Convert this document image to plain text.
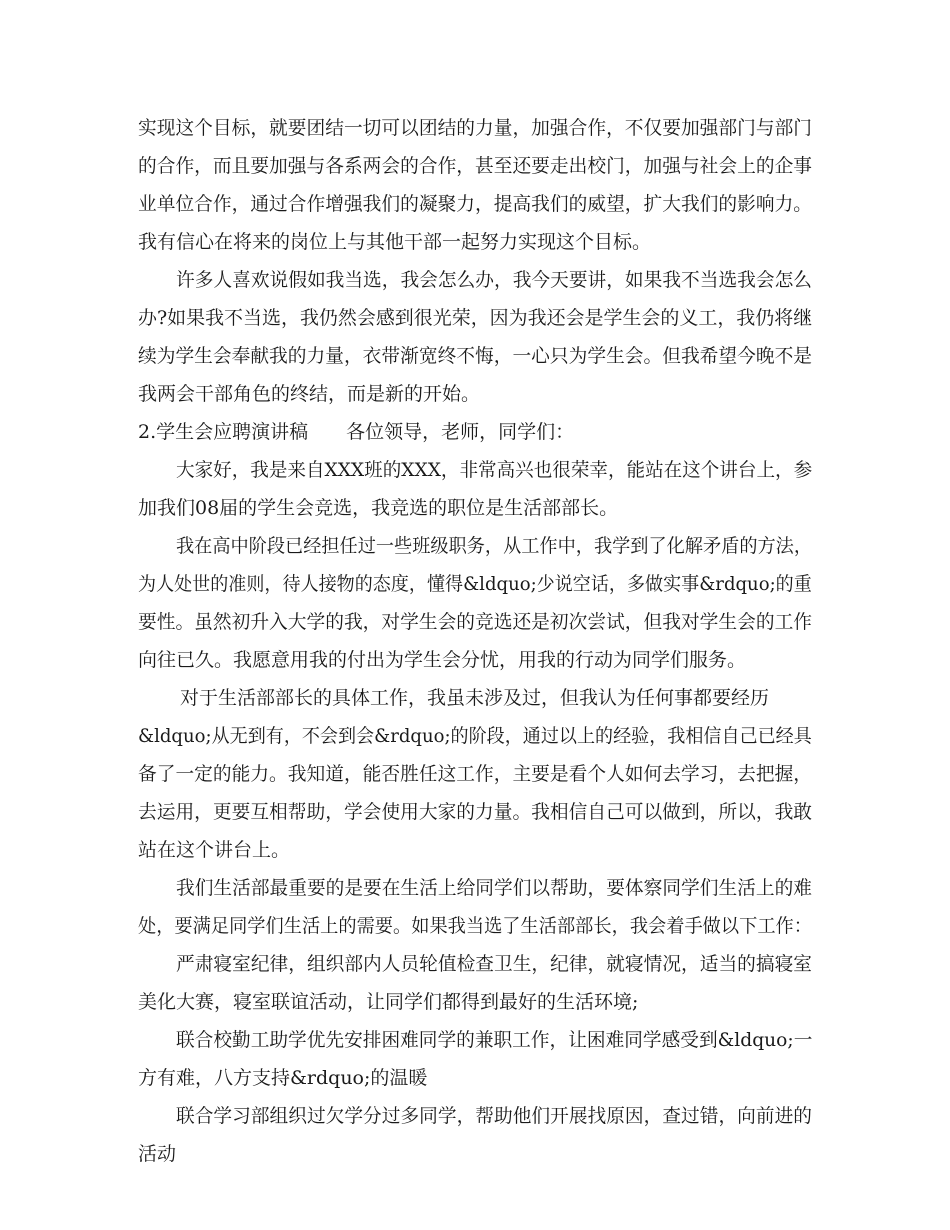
实现这个目标，就要团结一切可以团结的力量，加强合作，不仅要加强部门与部门
的合作，而且要加强与各系两会的合作，甚至还要走出校门，加强与社会上的企事
业单位合作，通过合作增强我们的凝聚力，提高我们的威望，扩大我们的影响力。
我有信心在将来的岗位上与其他干部一起努力实现这个目标。
许多人喜欢说假如我当选，我会怎么办，我今天要讲，如果我不当选我会怎么
办?如果我不当选，我仍然会感到很光荣，因为我还会是学生会的义工，我仍将继
续为学生会奉献我的力量，衣带渐宽终不悔，一心只为学生会。但我希望今晚不是
我两会干部角色的终结，而是新的开始。
2.学生会应聘演讲稿　　各位领导，老师，同学们：
大家好，我是来自XXX班的XXX，非常高兴也很荣幸，能站在这个讲台上，参
加我们08届的学生会竞选，我竞选的职位是生活部部长。
我在高中阶段已经担任过一些班级职务，从工作中，我学到了化解矛盾的方法，
为人处世的准则，待人接物的态度，懂得&ldquo;少说空话，多做实事&rdquo;的重
要性。虽然初升入大学的我，对学生会的竞选还是初次尝试，但我对学生会的工作
向往已久。我愿意用我的付出为学生会分忧，用我的行动为同学们服务。
对于生活部部长的具体工作，我虽未涉及过，但我认为任何事都要经历
&ldquo;从无到有，不会到会&rdquo;的阶段，通过以上的经验，我相信自己已经具
备了一定的能力。我知道，能否胜任这工作，主要是看个人如何去学习，去把握，
去运用，更要互相帮助，学会使用大家的力量。我相信自己可以做到，所以，我敢
站在这个讲台上。
我们生活部最重要的是要在生活上给同学们以帮助，要体察同学们生活上的难
处，要满足同学们生活上的需要。如果我当选了生活部部长，我会着手做以下工作：
严肃寝室纪律，组织部内人员轮值检查卫生，纪律，就寝情况，适当的搞寝室
美化大赛，寝室联谊活动，让同学们都得到最好的生活环境;
联合校勤工助学优先安排困难同学的兼职工作，让困难同学感受到&ldquo;一
方有难，八方支持&rdquo;的温暖
联合学习部组织过欠学分过多同学，帮助他们开展找原因，查过错，向前进的
活动
